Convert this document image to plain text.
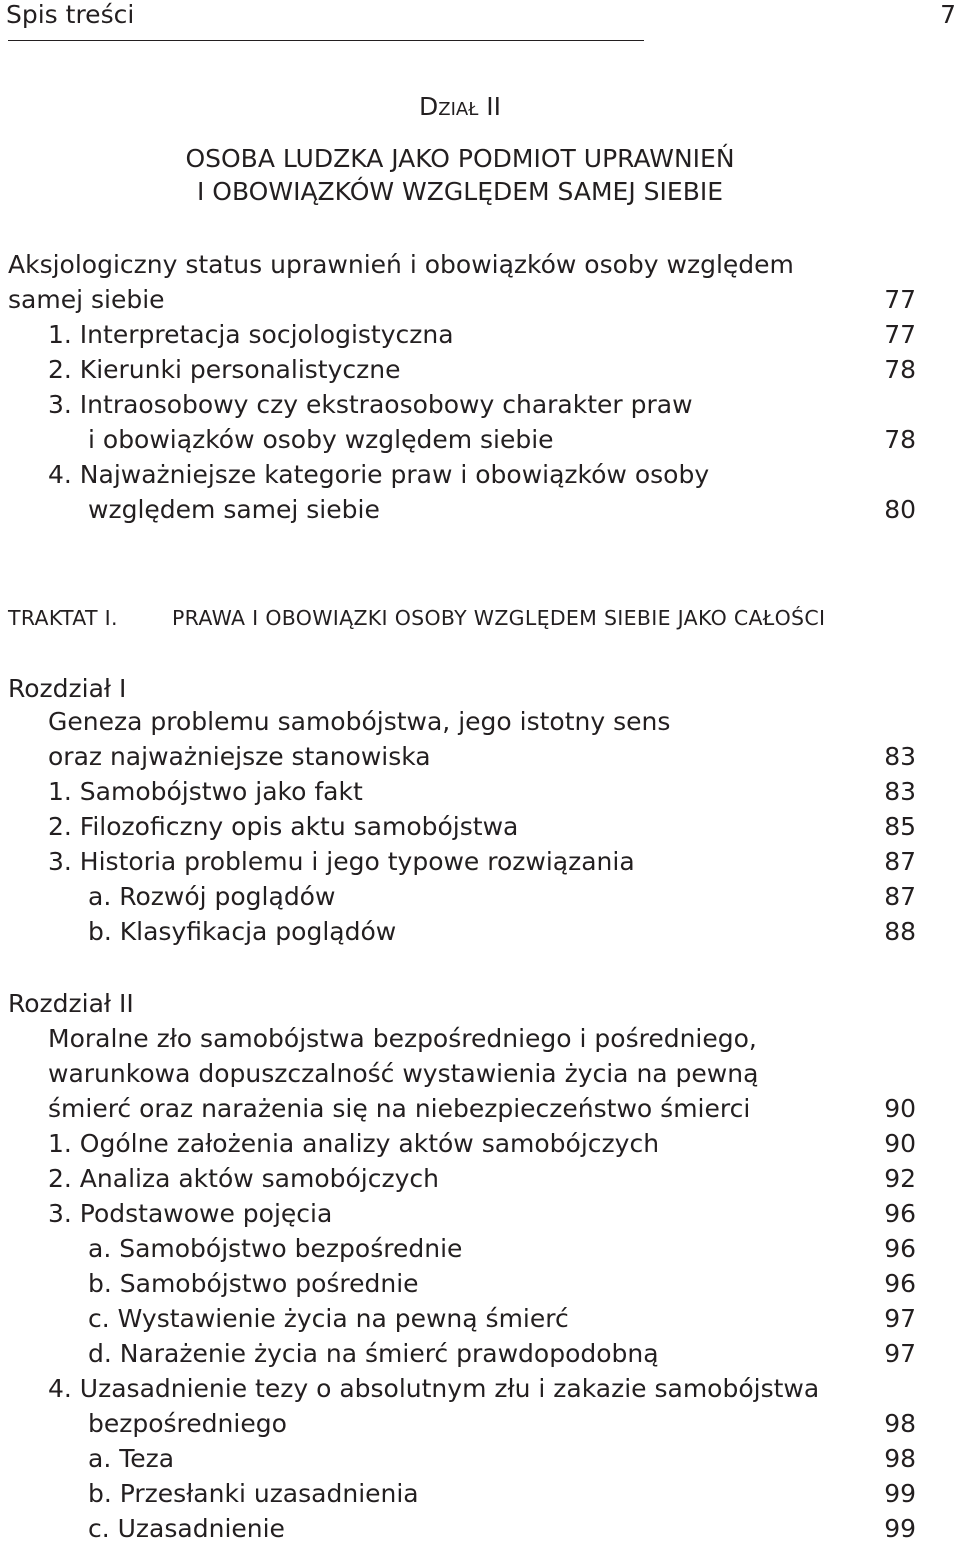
Spis treści	7
Dział II
OSOBA LUDZKA JAKO PODMIOT UPRAWNIEŃ
I OBOWIĄZKÓW WZGLĘDEM SAMEJ SIEBIE
Aksjologiczny status uprawnień i obowiązków osoby względem
samej siebie	77
1. Interpretacja socjologistyczna	77
2. Kierunki personalistyczne	78
3. Intraosobowy czy ekstraosobowy charakter praw
i obowiązków osoby względem siebie	78
4. Najważniejsze kategorie praw i obowiązków osoby
względem samej siebie	80
TRAKTAT I.	PRAWA I OBOWIĄZKI OSOBY WZGLĘDEM SIEBIE JAKO CAŁOŚCI
Rozdział I
Geneza problemu samobójstwa, jego istotny sens
oraz najważniejsze stanowiska	83
1. Samobójstwo jako fakt	83
2. Filozoficzny opis aktu samobójstwa	85
3. Historia problemu i jego typowe rozwiązania	87
a. Rozwój poglądów	87
b. Klasyfikacja poglądów	88
Rozdział II
Moralne zło samobójstwa bezpośredniego i pośredniego,
warunkowa dopuszczalność wystawienia życia na pewną
śmierć oraz narażenia się na niebezpieczeństwo śmierci	90
1. Ogólne założenia analizy aktów samobójczych	90
2. Analiza aktów samobójczych	92
3. Podstawowe pojęcia	96
a. Samobójstwo bezpośrednie	96
b. Samobójstwo pośrednie	96
c. Wystawienie życia na pewną śmierć	97
d. Narażenie życia na śmierć prawdopodobną	97
4. Uzasadnienie tezy o absolutnym złu i zakazie samobójstwa
bezpośredniego	98
a. Teza	98
b. Przesłanki uzasadnienia	99
c. Uzasadnienie	99
